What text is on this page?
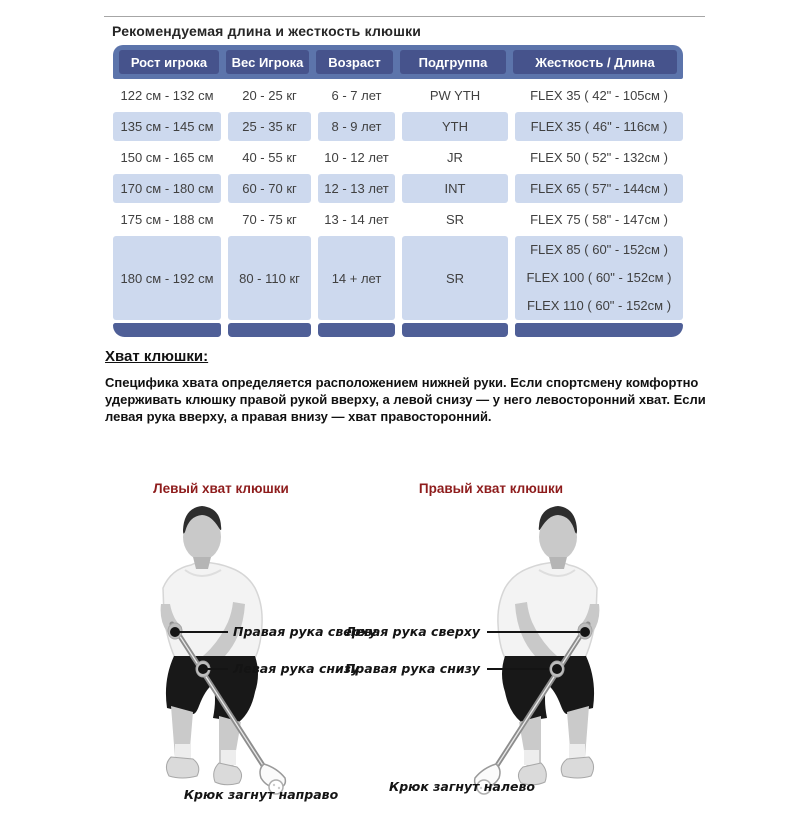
Рекомендуемая длина и жесткость клюшки
Рост игрока	Вес Игрока	Возраст	Подгруппа	Жесткость / Длина
122 см - 132 см	20 - 25 кг	6 - 7 лет	PW YTH	FLEX 35 ( 42" - 105см )
135 см - 145 см	25 - 35 кг	8 - 9 лет	YTH	FLEX 35 ( 46" - 116см )
150 см - 165 см	40 - 55 кг	10 - 12 лет	JR	FLEX 50 ( 52" - 132см )
170 см - 180 см	60 - 70 кг	12 - 13 лет	INT	FLEX 65 ( 57" - 144см )
175 см - 188 см	70 - 75 кг	13 - 14 лет	SR	FLEX 75 ( 58" - 147см )
180 см - 192 см	80 - 110 кг	14 + лет	SR
FLEX 85 ( 60" - 152см )
FLEX 100 ( 60" - 152см )
FLEX 110 ( 60" - 152см )
Хват клюшки:
Специфика хвата определяется расположением нижней руки. Если спортсмену комфортно удерживать клюшку правой рукой вверху, а левой снизу — у него левосторонний хват. Если левая рука вверху, а правая внизу — хват правосторонний.
Левый хват клюшки	Правый хват клюшки
Правая рука сверху
Левая рука снизу
Левая рука сверху
Правая рука снизу
Крюк загнут направо
Крюк загнут налево
